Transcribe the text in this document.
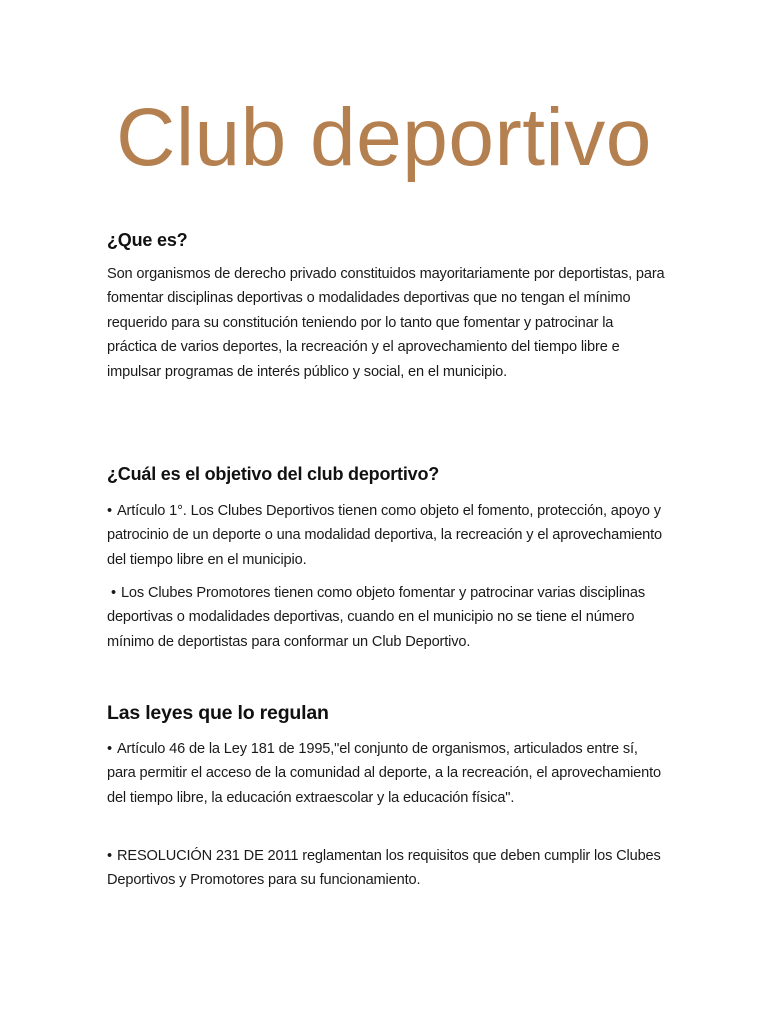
Club deportivo
¿Que es?

Son organismos de derecho privado constituidos mayoritariamente por deportistas, para fomentar disciplinas deportivas o modalidades deportivas que no tengan el mínimo requerido para su constitución teniendo por lo tanto que fomentar y patrocinar la práctica de varios deportes, la recreación y el aprovechamiento del tiempo libre e impulsar programas de interés público y social, en el municipio.

¿Cuál es el objetivo del club deportivo?

• Artículo 1°. Los Clubes Deportivos tienen como objeto el fomento, protección, apoyo y patrocinio de un deporte o una modalidad deportiva, la recreación y el aprovechamiento del tiempo libre en el municipio.

• Los Clubes Promotores tienen como objeto fomentar y patrocinar varias disciplinas deportivas o modalidades deportivas, cuando en el municipio no se tiene el número mínimo de deportistas para conformar un Club Deportivo.

Las leyes que lo regulan

• Artículo 46 de la Ley 181 de 1995,"el conjunto de organismos, articulados entre sí, para permitir el acceso de la comunidad al deporte, a la recreación, el aprovechamiento del tiempo libre, la educación extraescolar y la educación física".

• RESOLUCIÓN 231 DE 2011 reglamentan los requisitos que deben cumplir los Clubes Deportivos y Promotores para su funcionamiento.
